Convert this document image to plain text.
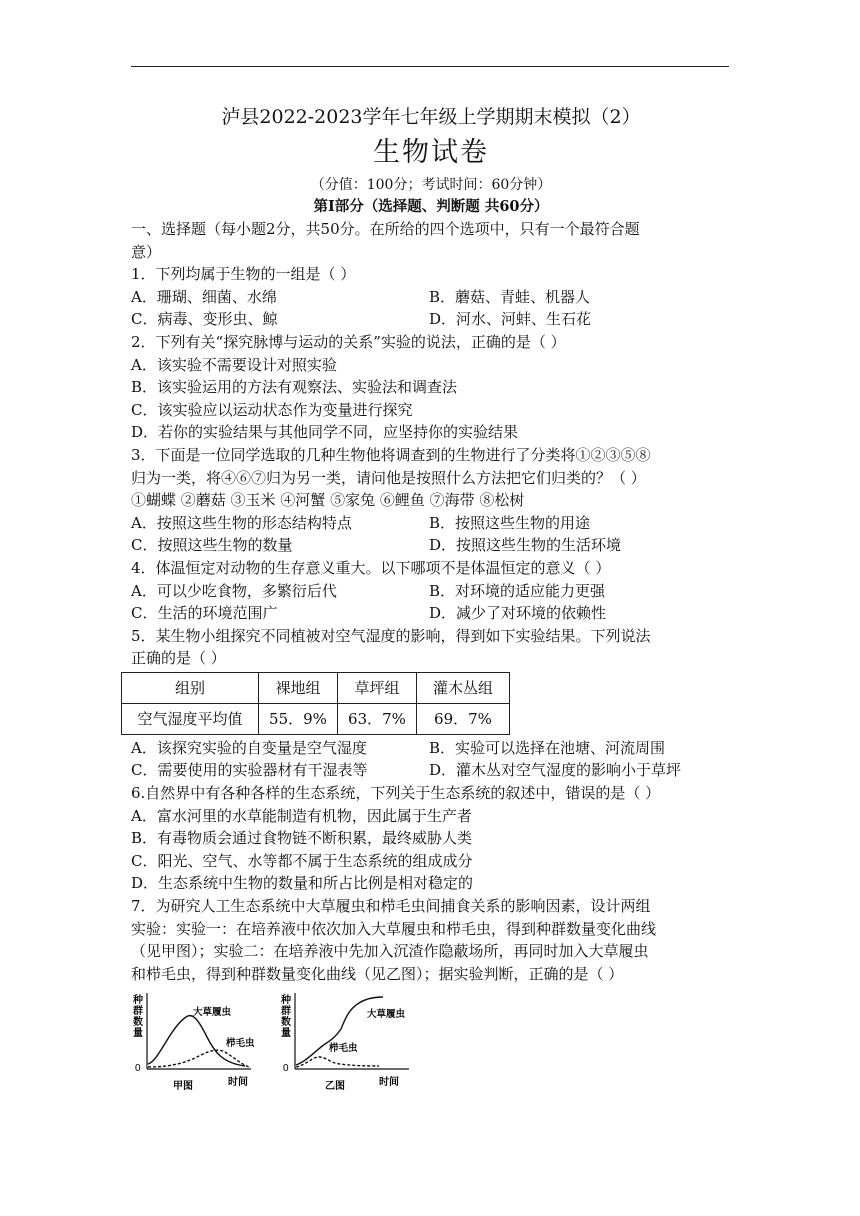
泸县2022-2023学年七年级上学期期末模拟（2）
生物试卷
（分值：100分；考试时间：60分钟）
第Ⅰ部分（选择题、判断题 共60分）
一、选择题（每小题2分，共50分。在所给的四个选项中，只有一个最符合题
意）
1．下列均属于生物的一组是（ ）
A．珊瑚、细菌、水绵	B．蘑菇、青蛙、机器人
C．病毒、变形虫、鲸	D．河水、河蚌、生石花
2．下列有关“探究脉博与运动的关系”实验的说法，正确的是（ ）
A．该实验不需要设计对照实验
B．该实验运用的方法有观察法、实验法和调查法
C．该实验应以运动状态作为变量进行探究
D．若你的实验结果与其他同学不同，应坚持你的实验结果
3．下面是一位同学选取的几种生物他将调查到的生物进行了分类将①②③⑤⑧
归为一类，将④⑥⑦归为另一类，请问他是按照什么方法把它们归类的？（ ）
①蝴蝶 ②蘑菇 ③玉米 ④河蟹 ⑤家兔 ⑥鲤鱼 ⑦海带 ⑧松树
A．按照这些生物的形态结构特点	B．按照这些生物的用途
C．按照这些生物的数量	D．按照这些生物的生活环境
4．体温恒定对动物的生存意义重大。以下哪项不是体温恒定的意义（ ）
A．可以少吃食物，多繁衍后代	B．对环境的适应能力更强
C．生活的环境范围广	D．减少了对环境的依赖性
5．某生物小组探究不同植被对空气湿度的影响，得到如下实验结果。下列说法
正确的是（ ）
组别	裸地组	草坪组	灌木丛组
空气湿度平均值	55．9%	63．7%	69．7%
A．该探究实验的自变量是空气湿度	B．实验可以选择在池塘、河流周围
C．需要使用的实验器材有干湿表等	D．灌木丛对空气湿度的影响小于草坪
6.自然界中有各种各样的生态系统，下列关于生态系统的叙述中，错误的是（ ）
A．富水河里的水草能制造有机物，因此属于生产者
B．有毒物质会通过食物链不断积累，最终威胁人类
C．阳光、空气、水等都不属于生态系统的组成成分
D．生态系统中生物的数量和所占比例是相对稳定的
7．为研究人工生态系统中大草履虫和栉毛虫间捕食关系的影响因素，设计两组
实验：实验一：在培养液中依次加入大草履虫和栉毛虫，得到种群数量变化曲线
（见甲图）；实验二：在培养液中先加入沉渣作隐蔽场所，再同时加入大草履虫
和栉毛虫，得到种群数量变化曲线（见乙图）；据实验判断，正确的是（ ）
种
群
数
量
0
大草履虫
栉毛虫
甲图	时间
种
群
数
量
0
大草履虫
栉毛虫
乙图	时间
